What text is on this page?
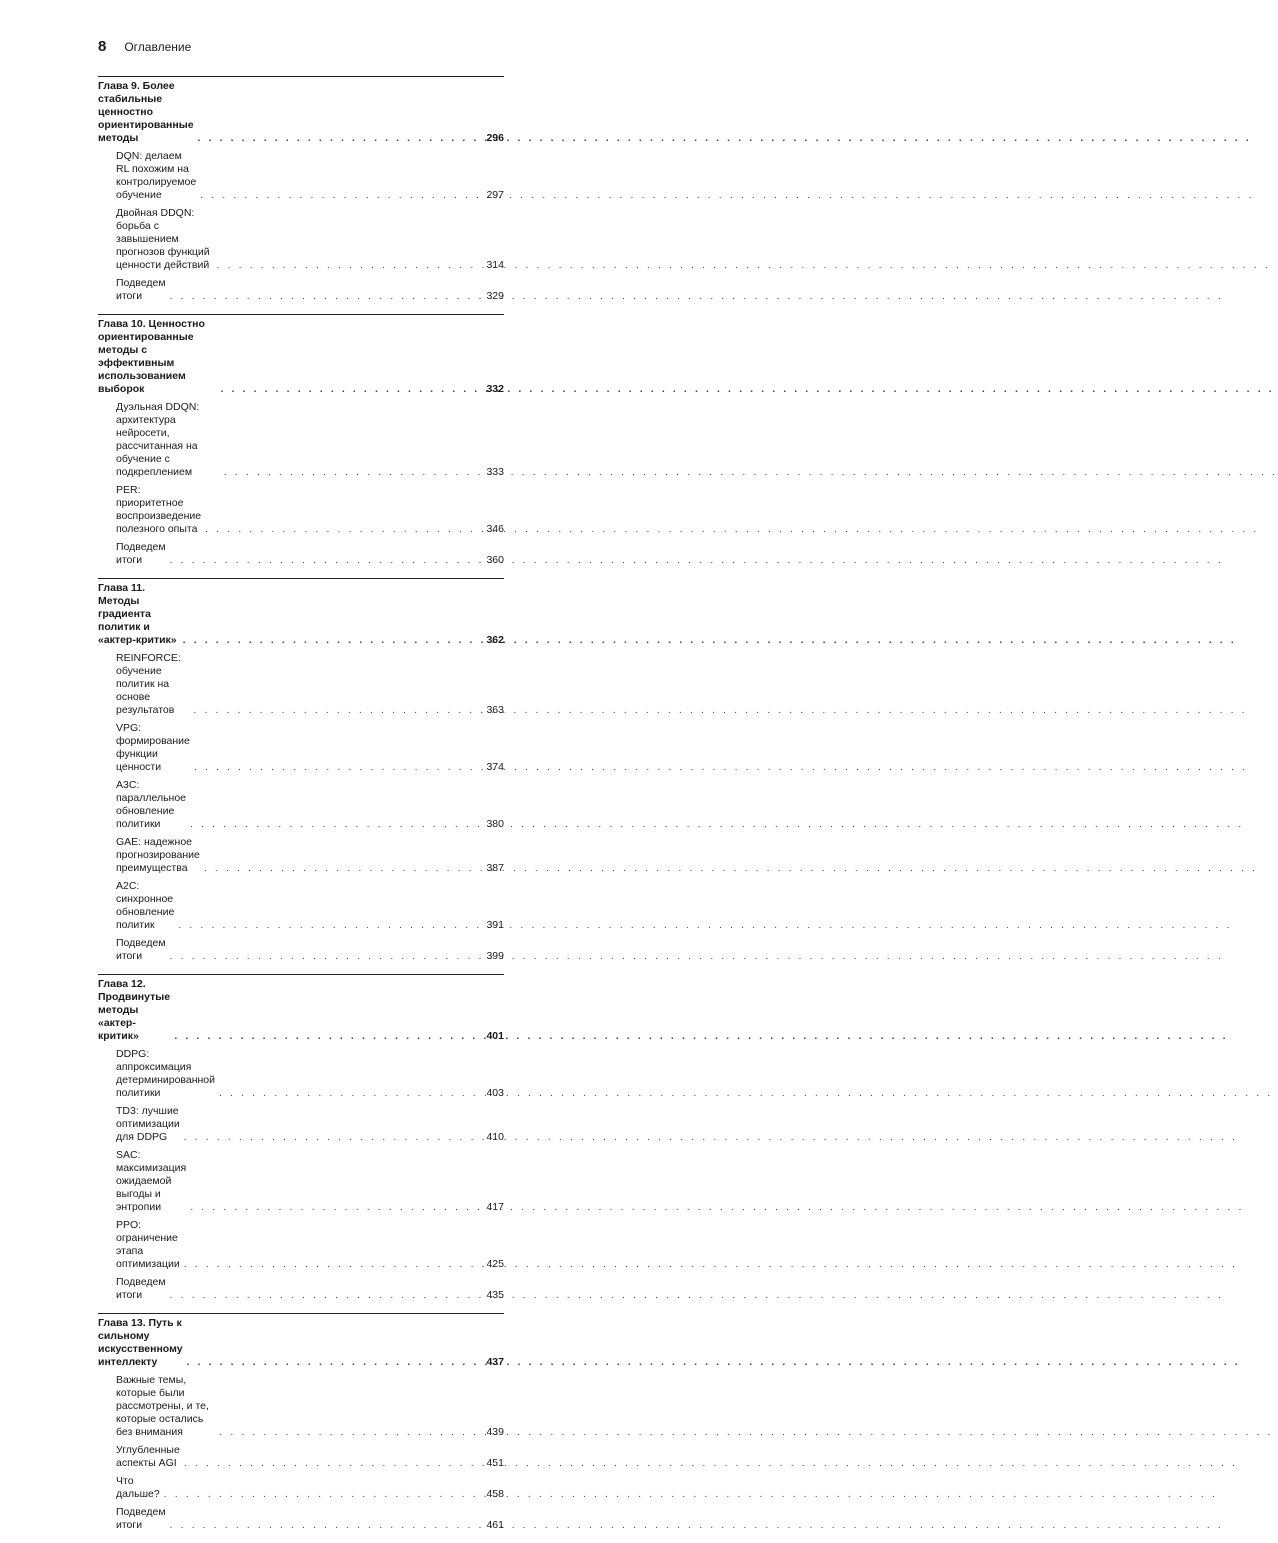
8 Оглавление
Глава 9. Более стабильные ценностно ориентированные методы . . .	296
DQN: делаем RL похожим на контролируемое обучение . . .	297
Двойная DDQN: борьба с завышением прогнозов функций ценности действий . . .	314
Подведем итоги . . .	329
Глава 10. Ценностно ориентированные методы с эффективным использованием выборок . . .	332
Дуэльная DDQN: архитектура нейросети, рассчитанная на обучение с подкреплением . . .	333
PER: приоритетное воспроизведение полезного опыта . . .	346
Подведем итоги . . .	360
Глава 11. Методы градиента политик и «актер-критик» . . .	362
REINFORCE: обучение политик на основе результатов . . .	363
VPG: формирование функции ценности . . .	374
A3C: параллельное обновление политики . . .	380
GAE: надежное прогнозирование преимущества . . .	387
A2C: синхронное обновление политик . . .	391
Подведем итоги . . .	399
Глава 12. Продвинутые методы «актер-критик» . . .	401
DDPG: аппроксимация детерминированной политики . . .	403
TD3: лучшие оптимизации для DDPG . . .	410
SAC: максимизация ожидаемой выгоды и энтропии . . .	417
PPO: ограничение этапа оптимизации . . .	425
Подведем итоги . . .	435
Глава 13. Путь к сильному искусственному интеллекту . . .	437
Важные темы, которые были рассмотрены, и те, которые остались без внимания . . .	439
Углубленные аспекты AGI . . .	451
Что дальше? . . .	458
Подведем итоги . . .	461
